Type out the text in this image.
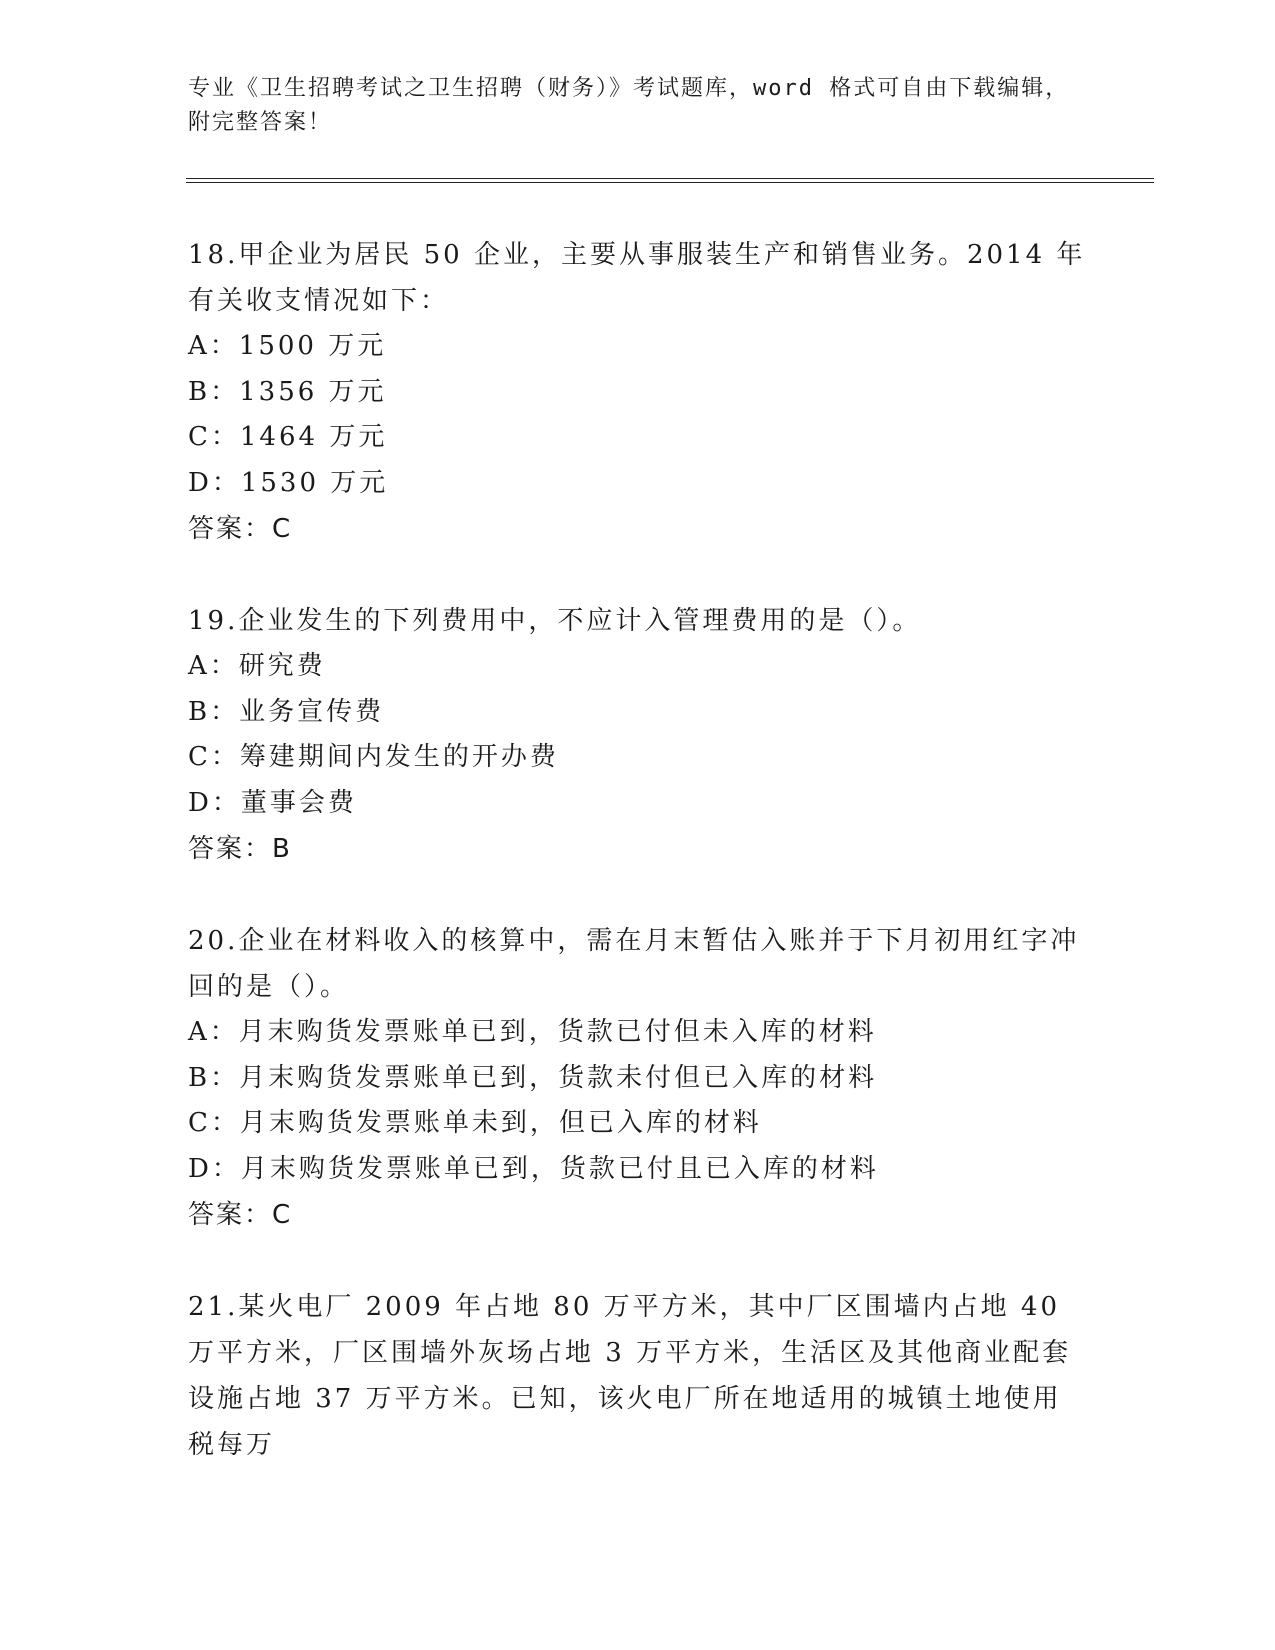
专业《卫生招聘考试之卫生招聘（财务）》考试题库，word 格式可自由下载编辑，附完整答案！

18.甲企业为居民 50 企业，主要从事服装生产和销售业务。2014 年有关收支情况如下：

A：1500 万元

B：1356 万元

C：1464 万元

D：1530 万元

答案：C

19.企业发生的下列费用中，不应计入管理费用的是（）。

A：研究费

B：业务宣传费

C：筹建期间内发生的开办费

D：董事会费

答案：B

20.企业在材料收入的核算中，需在月末暂估入账并于下月初用红字冲回的是（）。

A：月末购货发票账单已到，货款已付但未入库的材料

B：月末购货发票账单已到，货款未付但已入库的材料

C：月末购货发票账单未到，但已入库的材料

D：月末购货发票账单已到，货款已付且已入库的材料

答案：C

21.某火电厂 2009 年占地 80 万平方米，其中厂区围墙内占地 40 万平方米，厂区围墙外灰场占地 3 万平方米，生活区及其他商业配套设施占地 37 万平方米。已知，该火电厂所在地适用的城镇土地使用税每万
